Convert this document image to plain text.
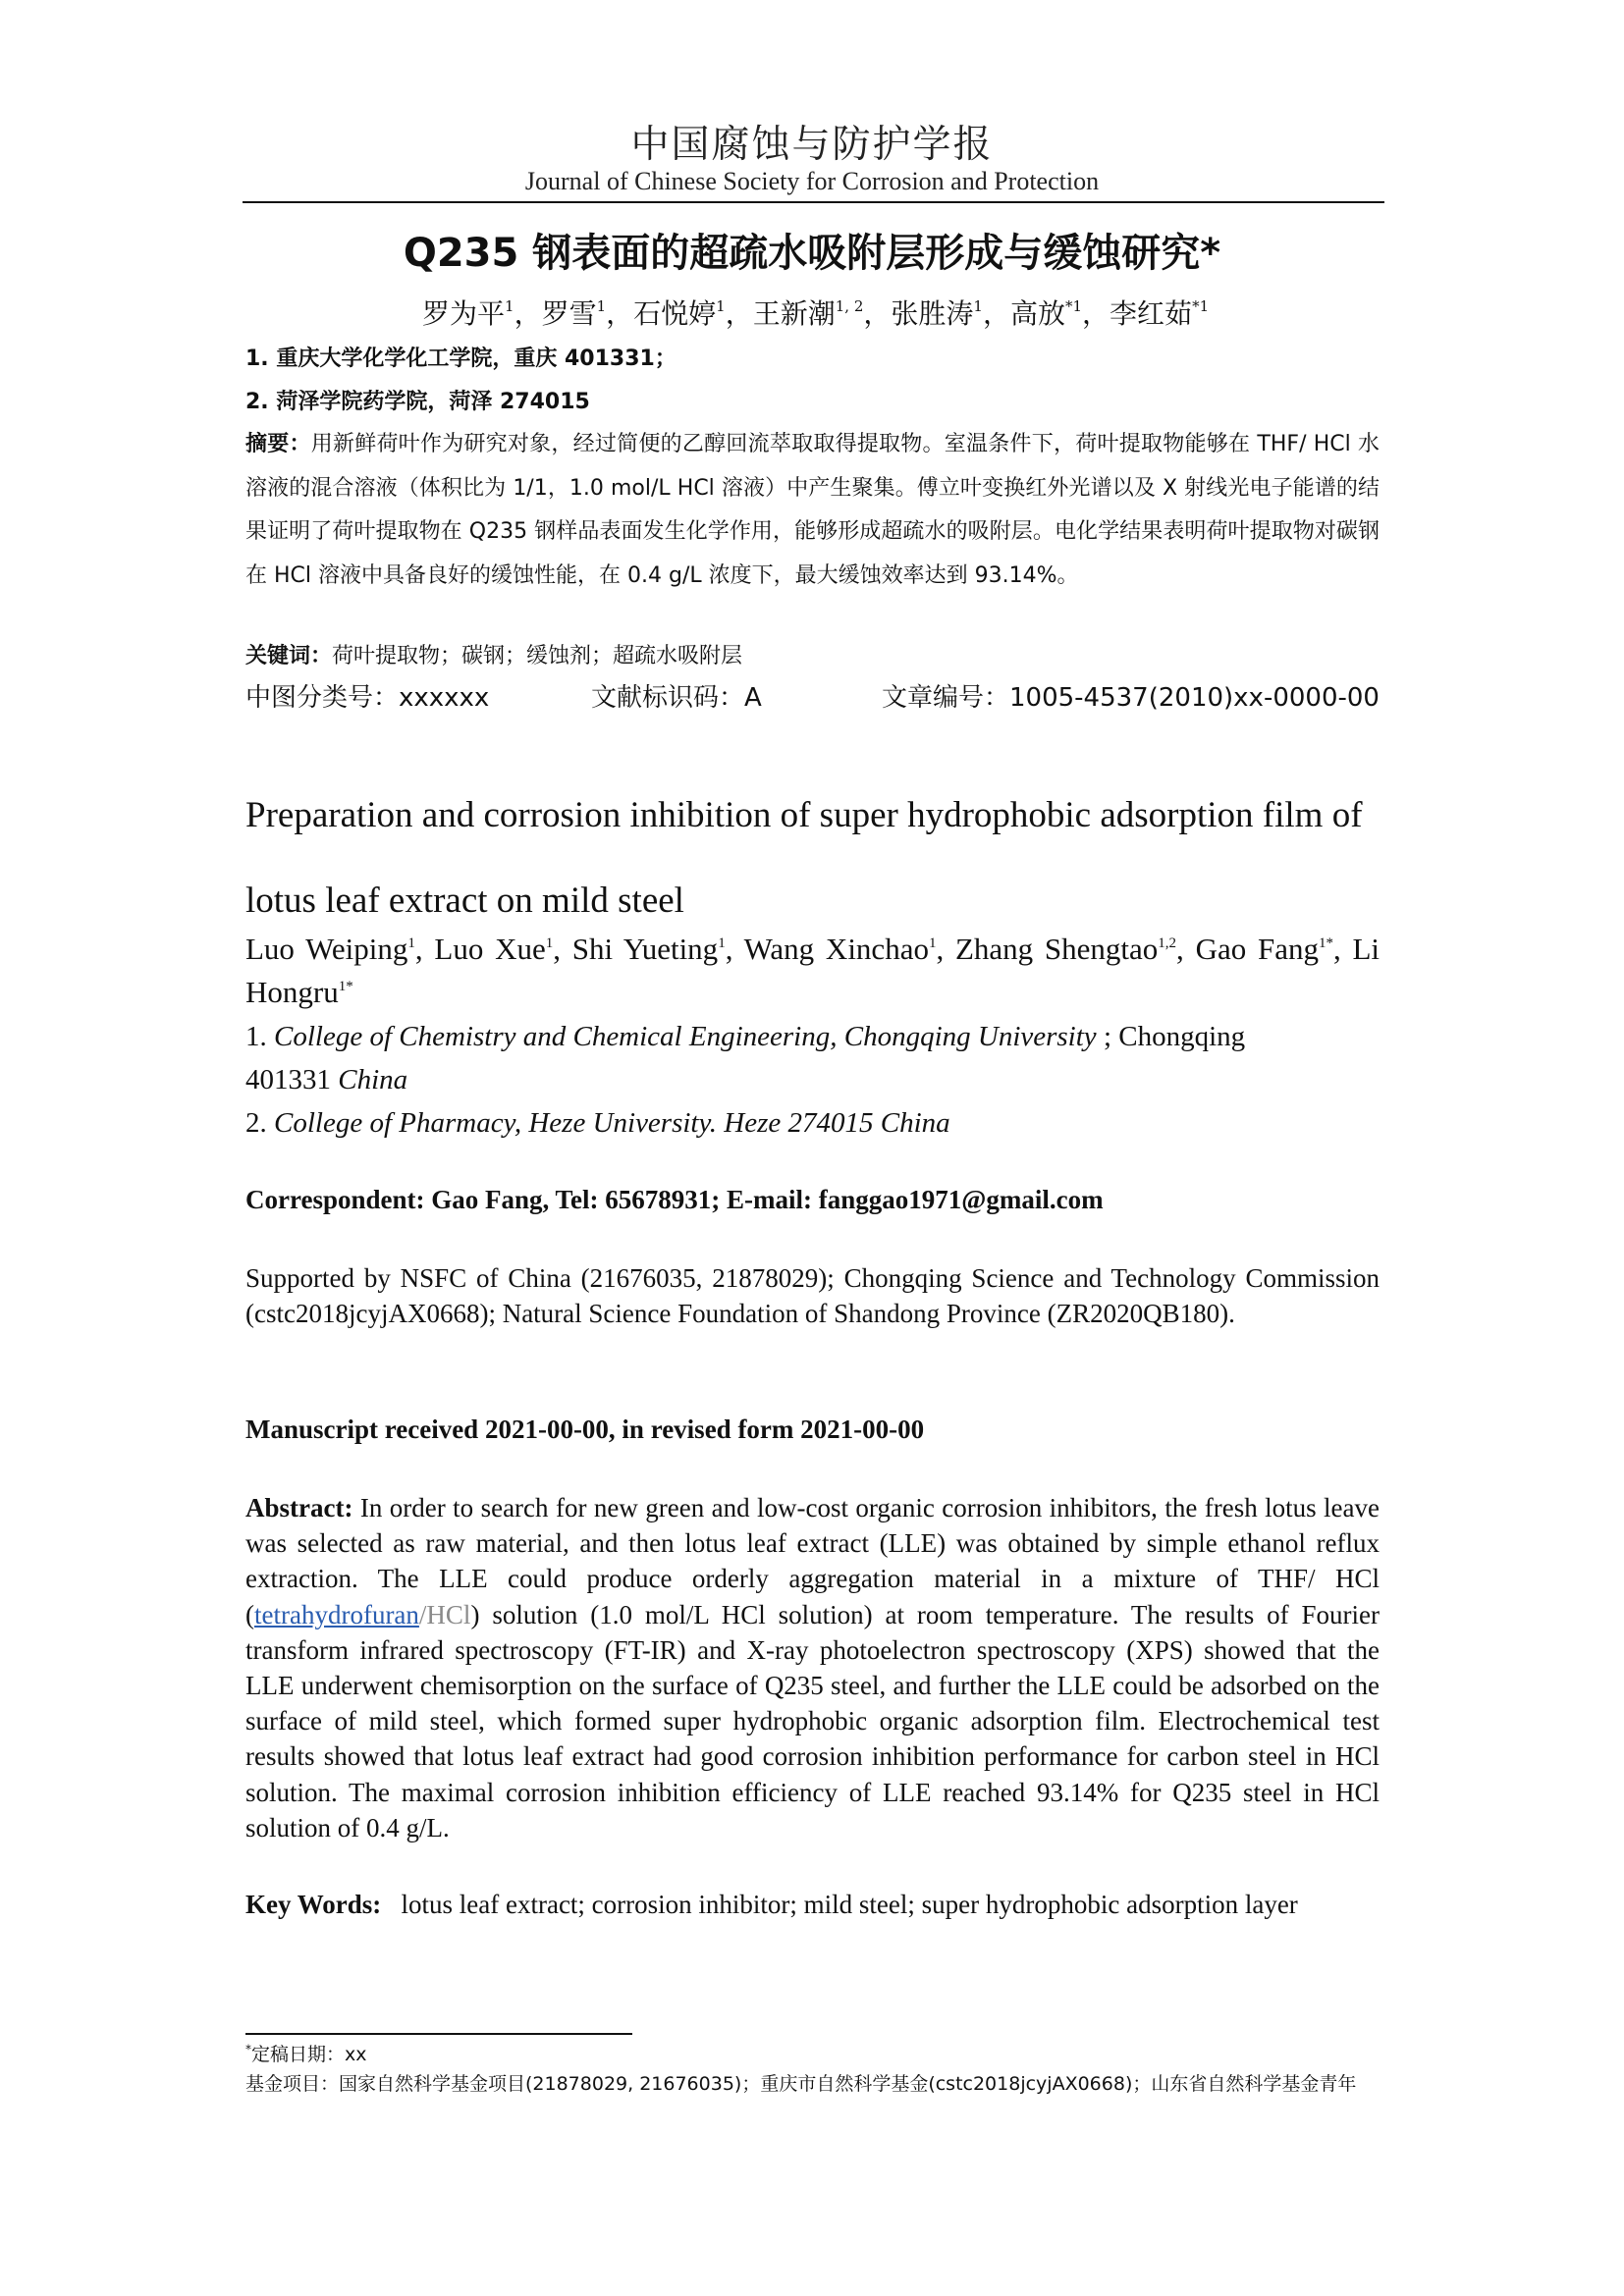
中国腐蚀与防护学报
Journal of Chinese Society for Corrosion and Protection
Q235 钢表面的超疏水吸附层形成与缓蚀研究*
罗为平$^1$，罗雪$^1$，石悦婷$^1$，王新潮$^{1, 2}$，张胜涛$^1$，高放$^{*1}$，李红茹$^{*1}$
1. 重庆大学化学化工学院，重庆 401331；
2. 菏泽学院药学院，菏泽 274015
摘要：用新鲜荷叶作为研究对象，经过简便的乙醇回流萃取取得提取物。室温条件下，荷叶提取物能够在 THF/ HCl 水溶液的混合溶液（体积比为 1/1，1.0 mol/L HCl 溶液）中产生聚集。傅立叶变换红外光谱以及 X 射线光电子能谱的结果证明了荷叶提取物在 Q235 钢样品表面发生化学作用，能够形成超疏水的吸附层。电化学结果表明荷叶提取物对碳钢在 HCl 溶液中具备良好的缓蚀性能，在 0.4 g/L 浓度下，最大缓蚀效率达到 93.14%。
关键词：荷叶提取物；碳钢；缓蚀剂；超疏水吸附层
中图分类号：xxxxxx	文献标识码：A	文章编号：1005-4537(2010)xx-0000-00
Preparation and corrosion inhibition of super hydrophobic adsorption film of lotus leaf extract on mild steel
Luo Weiping$^1$, Luo Xue$^1$, Shi Yueting$^1$, Wang Xinchao$^1$, Zhang Shengtao$^{1,2}$, Gao Fang$^{1*}$, Li Hongru$^{1*}$
1. College of Chemistry and Chemical Engineering, Chongqing University ; Chongqing
401331 China
2. College of Pharmacy, Heze University. Heze 274015 China
Correspondent: Gao Fang, Tel: 65678931; E-mail: fanggao1971@gmail.com
Supported by NSFC of China (21676035, 21878029); Chongqing Science and Technology Commission (cstc2018jcyjAX0668); Natural Science Foundation of Shandong Province (ZR2020QB180).
Manuscript received 2021-00-00, in revised form 2021-00-00
Abstract: In order to search for new green and low-cost organic corrosion inhibitors, the fresh lotus leave was selected as raw material, and then lotus leaf extract (LLE) was obtained by simple ethanol reflux extraction. The LLE could produce orderly aggregation material in a mixture of THF/ HCl (tetrahydrofuran/HCl) solution (1.0 mol/L HCl solution) at room temperature. The results of Fourier transform infrared spectroscopy (FT-IR) and X-ray photoelectron spectroscopy (XPS) showed that the LLE underwent chemisorption on the surface of Q235 steel, and further the LLE could be adsorbed on the surface of mild steel, which formed super hydrophobic organic adsorption film. Electrochemical test results showed that lotus leaf extract had good corrosion inhibition performance for carbon steel in HCl solution. The maximal corrosion inhibition efficiency of LLE reached 93.14% for Q235 steel in HCl solution of 0.4 g/L.
Key Words: lotus leaf extract; corrosion inhibitor; mild steel; super hydrophobic adsorption layer
*定稿日期：xx
基金项目：国家自然科学基金项目(21878029, 21676035)；重庆市自然科学基金(cstc2018jcyjAX0668)；山东省自然科学基金青年
